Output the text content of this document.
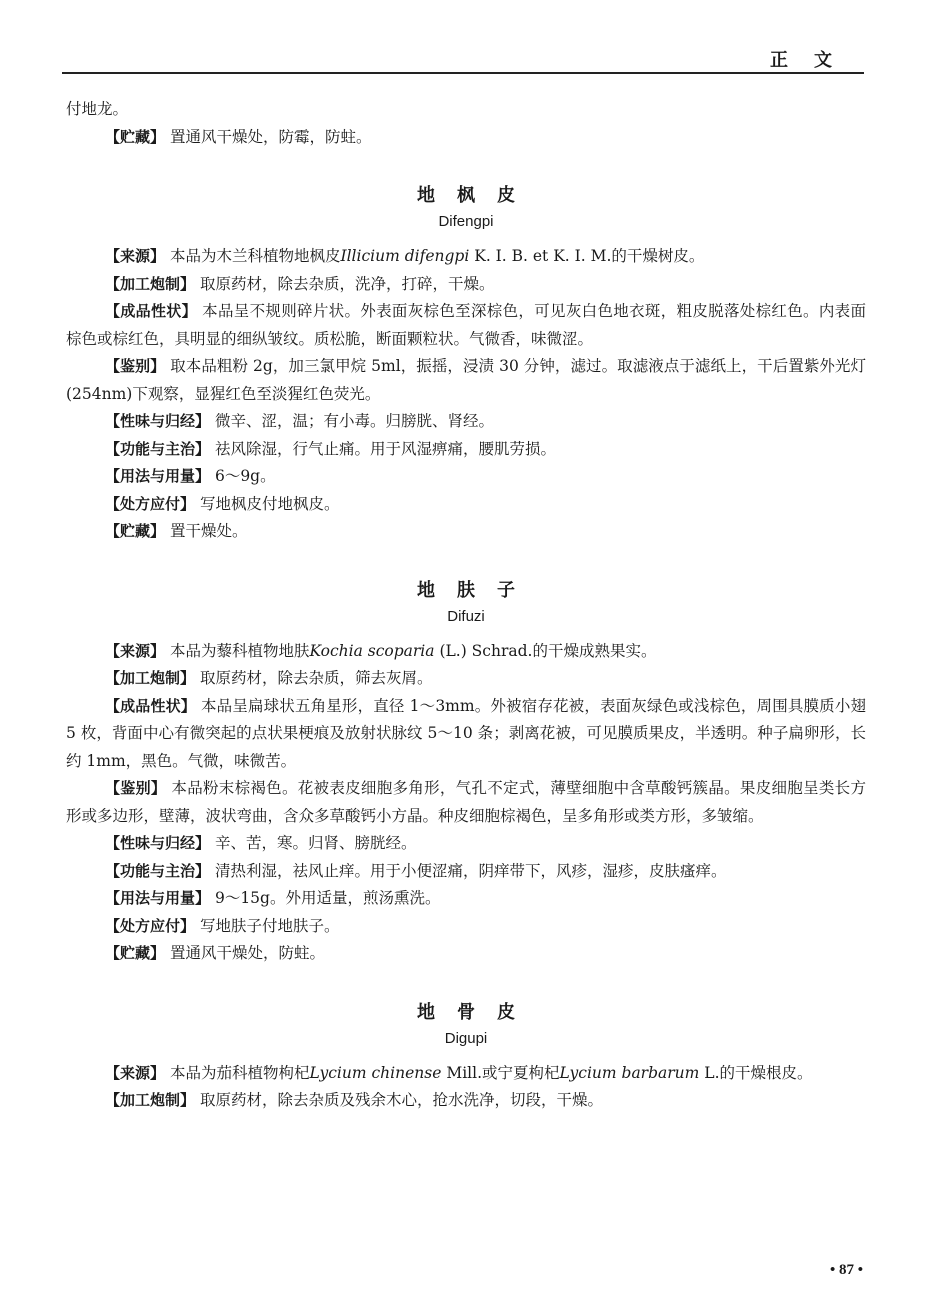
正文

付地龙。

【贮藏】 置通风干燥处，防霉，防蛀。

地枫皮

Difengpi

【来源】 本品为木兰科植物地枫皮Illicium difengpi K. I. B. et K. I. M.的干燥树皮。

【加工炮制】 取原药材，除去杂质，洗净，打碎，干燥。

【成品性状】 本品呈不规则碎片状。外表面灰棕色至深棕色，可见灰白色地衣斑，粗皮脱落处棕红色。内表面棕色或棕红色，具明显的细纵皱纹。质松脆，断面颗粒状。气微香，味微涩。

【鉴别】 取本品粗粉 2g，加三氯甲烷 5ml，振摇，浸渍 30 分钟，滤过。取滤液点于滤纸上，干后置紫外光灯(254nm)下观察，显猩红色至淡猩红色荧光。

【性味与归经】 微辛、涩，温；有小毒。归膀胱、肾经。

【功能与主治】 祛风除湿，行气止痛。用于风湿痹痛，腰肌劳损。

【用法与用量】 6～9g。

【处方应付】 写地枫皮付地枫皮。

【贮藏】 置干燥处。

地肤子

Difuzi

【来源】 本品为藜科植物地肤Kochia scoparia (L.) Schrad.的干燥成熟果实。

【加工炮制】 取原药材，除去杂质，筛去灰屑。

【成品性状】 本品呈扁球状五角星形，直径 1～3mm。外被宿存花被，表面灰绿色或浅棕色，周围具膜质小翅 5 枚，背面中心有微突起的点状果梗痕及放射状脉纹 5～10 条；剥离花被，可见膜质果皮，半透明。种子扁卵形，长约 1mm，黑色。气微，味微苦。

【鉴别】 本品粉末棕褐色。花被表皮细胞多角形，气孔不定式，薄壁细胞中含草酸钙簇晶。果皮细胞呈类长方形或多边形，壁薄，波状弯曲，含众多草酸钙小方晶。种皮细胞棕褐色，呈多角形或类方形，多皱缩。

【性味与归经】 辛、苦，寒。归肾、膀胱经。

【功能与主治】 清热利湿，祛风止痒。用于小便涩痛，阴痒带下，风疹，湿疹，皮肤瘙痒。

【用法与用量】 9～15g。外用适量，煎汤熏洗。

【处方应付】 写地肤子付地肤子。

【贮藏】 置通风干燥处，防蛀。

地骨皮

Digupi

【来源】 本品为茄科植物枸杞Lycium chinense Mill.或宁夏枸杞Lycium barbarum L.的干燥根皮。

【加工炮制】 取原药材，除去杂质及残余木心，抢水洗净，切段，干燥。

• 87 •
